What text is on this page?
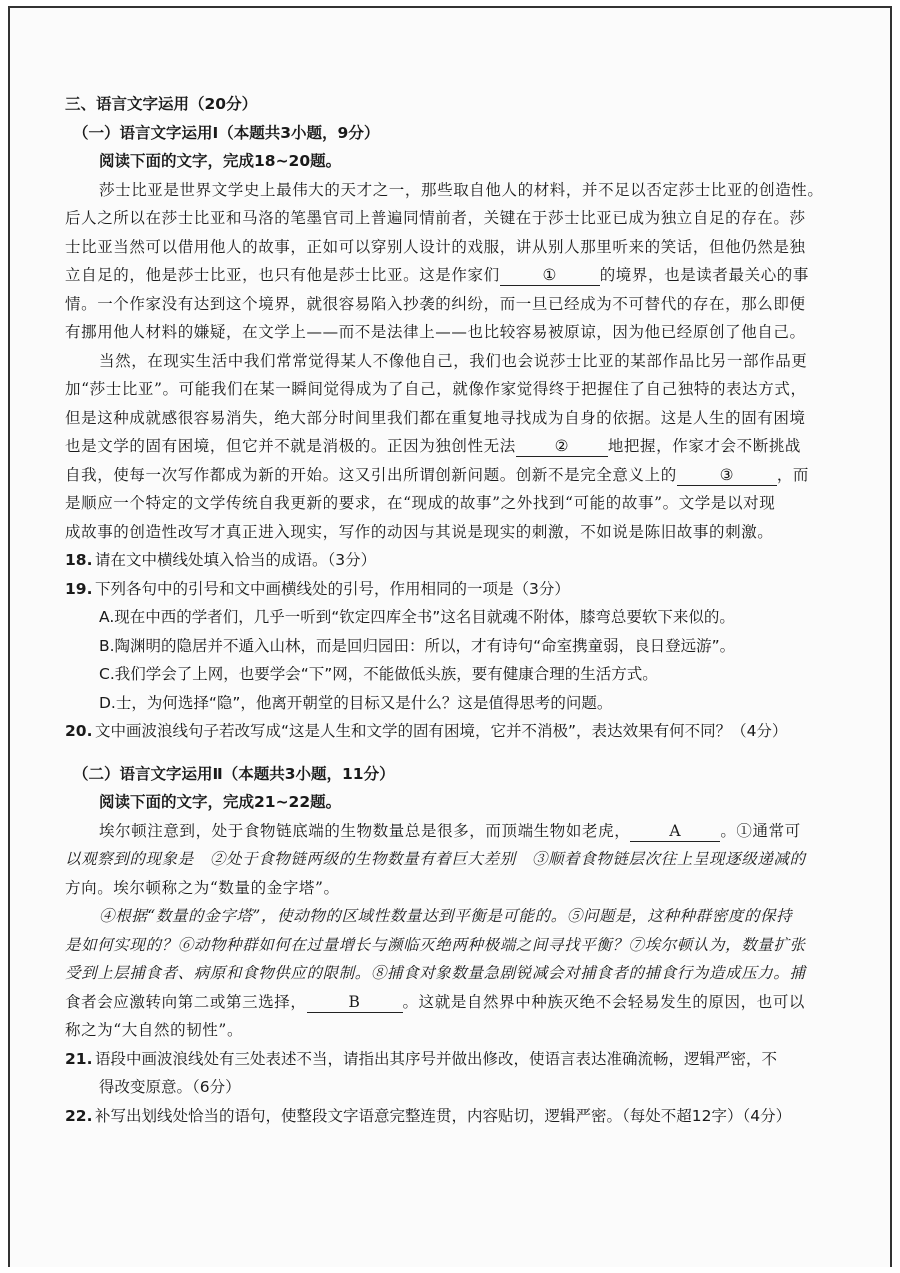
三、语言文字运用（20分）
（一）语言文字运用Ⅰ（本题共3小题，9分）
阅读下面的文字，完成18~20题。
莎士比亚是世界文学史上最伟大的天才之一，那些取自他人的材料，并不足以否定莎士比亚的创造性。
后人之所以在莎士比亚和马洛的笔墨官司上普遍同情前者，关键在于莎士比亚已成为独立自足的存在。莎
士比亚当然可以借用他人的故事，正如可以穿别人设计的戏服，讲从别人那里听来的笑话，但他仍然是独
立自足的，他是莎士比亚，也只有他是莎士比亚。这是作家们	①	的境界，也是读者最关心的事
情。一个作家没有达到这个境界，就很容易陷入抄袭的纠纷，而一旦已经成为不可替代的存在，那么即便
有挪用他人材料的嫌疑，在文学上——而不是法律上——也比较容易被原谅，因为他已经原创了他自己。
当然，在现实生活中我们常常觉得某人不像他自己，我们也会说莎士比亚的某部作品比另一部作品更
加“莎士比亚”。可能我们在某一瞬间觉得成为了自己，就像作家觉得终于把握住了自己独特的表达方式，
但是这种成就感很容易消失，绝大部分时间里我们都在重复地寻找成为自身的依据。这是人生的固有困境
也是文学的固有困境，但它并不就是消极的。正因为独创性无法	②	地把握，作家才会不断挑战
自我，使每一次写作都成为新的开始。这又引出所谓创新问题。创新不是完全意义上的	③	，而
是顺应一个特定的文学传统自我更新的要求，在“现成的故事”之外找到“可能的故事”。文学是以对现
成故事的创造性改写才真正进入现实，写作的动因与其说是现实的刺激，不如说是陈旧故事的刺激。
18. 请在文中横线处填入恰当的成语。（3分）
19. 下列各句中的引号和文中画横线处的引号，作用相同的一项是（3分）
A.现在中西的学者们，几乎一听到“钦定四库全书”这名目就魂不附体，膝弯总要软下来似的。
B.陶渊明的隐居并不遁入山林，而是回归园田：所以，才有诗句“命室携童弱，良日登远游”。
C.我们学会了上网，也要学会“下”网，不能做低头族，要有健康合理的生活方式。
D.士，为何选择“隐”，他离开朝堂的目标又是什么？这是值得思考的问题。
20. 文中画波浪线句子若改写成“这是人生和文学的固有困境，它并不消极”，表达效果有何不同？（4分）
（二）语言文字运用Ⅱ（本题共3小题，11分）
阅读下面的文字，完成21~22题。
埃尔顿注意到，处于食物链底端的生物数量总是很多，而顶端生物如老虎，	A	。①通常可
以观察到的现象是　②处于食物链两级的生物数量有着巨大差别　③顺着食物链层次往上呈现逐级递减的
方向。埃尔顿称之为“数量的金字塔”。
④根据“数量的金字塔”，使动物的区域性数量达到平衡是可能的。⑤问题是，这种种群密度的保持
是如何实现的？⑥动物种群如何在过量增长与濒临灭绝两种极端之间寻找平衡？⑦埃尔顿认为，数量扩张
受到上层捕食者、病原和食物供应的限制。⑧捕食对象数量急剧锐减会对捕食者的捕食行为造成压力。捕
食者会应激转向第二或第三选择，	B	。这就是自然界中种族灭绝不会轻易发生的原因，也可以
称之为“大自然的韧性”。
21. 语段中画波浪线处有三处表述不当，请指出其序号并做出修改，使语言表达准确流畅，逻辑严密，不
得改变原意。（6分）
22. 补写出划线处恰当的语句，使整段文字语意完整连贯，内容贴切，逻辑严密。（每处不超12字）（4分）
